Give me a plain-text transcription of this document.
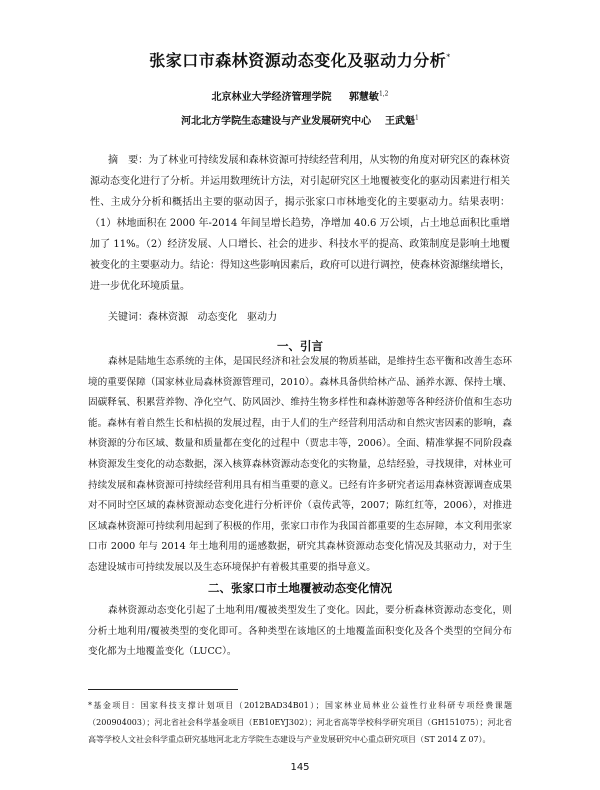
张家口市森林资源动态变化及驱动力分析*
北京林业大学经济管理学院 郭慧敏$^{1,2}$
河北北方学院生态建设与产业发展研究中心 王武魁$^1$
摘　要：为了林业可持续发展和森林资源可持续经营利用，从实物的角度对研究区的森林资源动态变化进行了分析。并运用数理统计方法，对引起研究区土地覆被变化的驱动因素进行相关性、主成分分析和概括出主要的驱动因子，揭示张家口市林地变化的主要驱动力。结果表明：（1）林地面积在 2000 年-2014 年间呈增长趋势，净增加 40.6 万公顷，占土地总面积比重增加了 11%。（2）经济发展、人口增长、社会的进步、科技水平的提高、政策制度是影响土地覆被变化的主要驱动力。结论：得知这些影响因素后，政府可以进行调控，使森林资源继续增长，进一步优化环境质量。
关键词：森林资源 动态变化 驱动力
一、引言
森林是陆地生态系统的主体，是国民经济和社会发展的物质基础，是维持生态平衡和改善生态环境的重要保障（国家林业局森林资源管理司，2010）。森林具备供给林产品、涵养水源、保持土壤、固碳释氧、积累营养物、净化空气、防风固沙、维持生物多样性和森林游憩等各种经济价值和生态功能。森林有着自然生长和枯损的发展过程，由于人们的生产经营利用活动和自然灾害因素的影响，森林资源的分布区域、数量和质量都在变化的过程中（贾忠丰等，2006）。全面、精准掌握不同阶段森林资源发生变化的动态数据，深入核算森林资源动态变化的实物量，总结经验，寻找规律，对林业可持续发展和森林资源可持续经营利用具有相当重要的意义。已经有许多研究者运用森林资源调查成果对不同时空区域的森林资源动态变化进行分析评价（袁传武等，2007；陈红红等，2006），对推进区域森林资源可持续利用起到了积极的作用，张家口市作为我国首都重要的生态屏障，本文利用张家口市 2000 年与 2014 年土地利用的遥感数据，研究其森林资源动态变化情况及其驱动力，对于生态建设城市可持续发展以及生态环境保护有着极其重要的指导意义。
二、张家口市土地覆被动态变化情况
森林资源动态变化引起了土地利用/覆被类型发生了变化。因此，要分析森林资源动态变化，则分析土地利用/覆被类型的变化即可。各种类型在该地区的土地覆盖面积变化及各个类型的空间分布变化都为土地覆盖变化（LUCC）。
*基金项目：国家科技支撑计划项目（2012BAD34B01）；国家林业局林业公益性行业科研专项经费课题（200904003）；河北省社会科学基金项目（EB10EYJ302）；河北省高等学校科学研究项目（GH151075）；河北省高等学校人文社会科学重点研究基地河北北方学院生态建设与产业发展研究中心重点研究项目（ST 2014 Z 07）。
145
